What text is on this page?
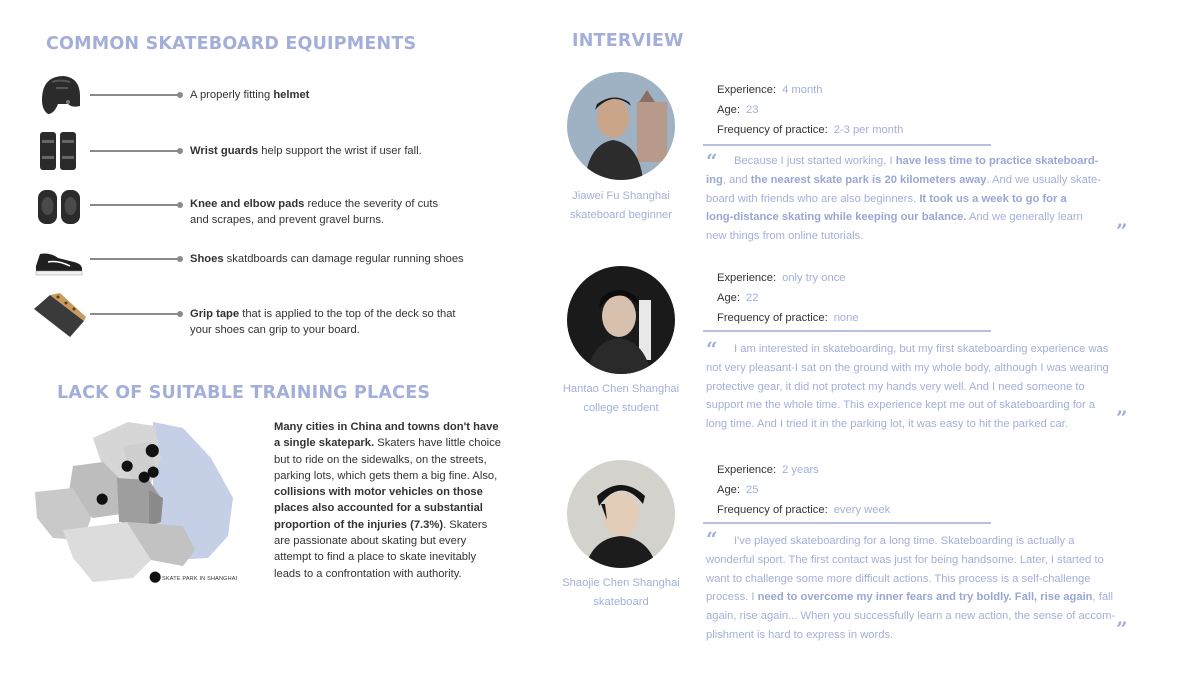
COMMON SKATEBOARD EQUIPMENTS
LACK OF SUITABLE TRAINING PLACES
INTERVIEW
A properly fitting helmet
Wrist guards help support the wrist if user fall.
Knee and elbow pads reduce the severity of cuts
and scrapes, and prevent gravel burns.
Shoes skatdboards can damage regular running shoes
Grip tape that is applied to the top of the deck so that
your shoes can grip to your board.
⬤
⬤ ⬤
⬤
⬤
⬤ SKATE PARK IN SHANGHAI
Many cities in China and towns don't have a single skatepark. Skaters have little choice but to ride on the sidewalks, on the streets, parking lots, which gets them a big fine. Also, collisions with motor vehicles on those places also accounted for a substantial proportion of the injuries (7.3%). Skaters are passionate about skating but every attempt to find a place to skate inevitably leads to a confrontation with authority.
Jiawei Fu Shanghai
skateboard beginner
Experience: 4 month
Age: 23
Frequency of practice: 2-3 per month
“	Because I just started working, I have less time to practice skateboard-
ing, and the nearest skate park is 20 kilometers away. And we usually skate-
board with friends who are also beginners. It took us a week to go for a
long-distance skating while keeping our balance. And we generally learn
new things from online tutorials.	”
Hantao Chen Shanghai
college student
Experience: only try once
Age: 22
Frequency of practice: none
“	I am interested in skateboarding, but my first skateboarding experience was
not very pleasant-I sat on the ground with my whole body, although I was wearing
protective gear, it did not protect my hands very well. And I need someone to
support me the whole time. This experience kept me out of skateboarding for a
long time. And I tried it in the parking lot, it was easy to hit the parked car.	”
Shaojie Chen Shanghai
skateboard
Experience: 2 years
Age: 25
Frequency of practice: every week
“	I've played skateboarding for a long time. Skateboarding is actually a
wonderful sport. The first contact was just for being handsome. Later, I started to
want to challenge some more difficult actions. This process is a self-challenge
process. I need to overcome my inner fears and try boldly. Fall, rise again, fall
again, rise again... When you successfully learn a new action, the sense of accom-
plishment is hard to express in words.	”
